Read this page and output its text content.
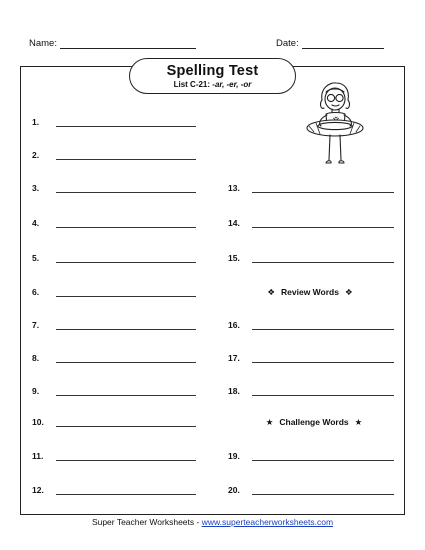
Name:	Date:
Spelling Test
List C-21: -ar, -er, -or
1.
2.
3.
4.
5.
6.
7.
8.
9.
10.
11.
12.
13.
14.
15.
16.
17.
18.
19.
20.
❖ Review Words ❖
★ Challenge Words ★
Super Teacher Worksheets - www.superteacherworksheets.com
